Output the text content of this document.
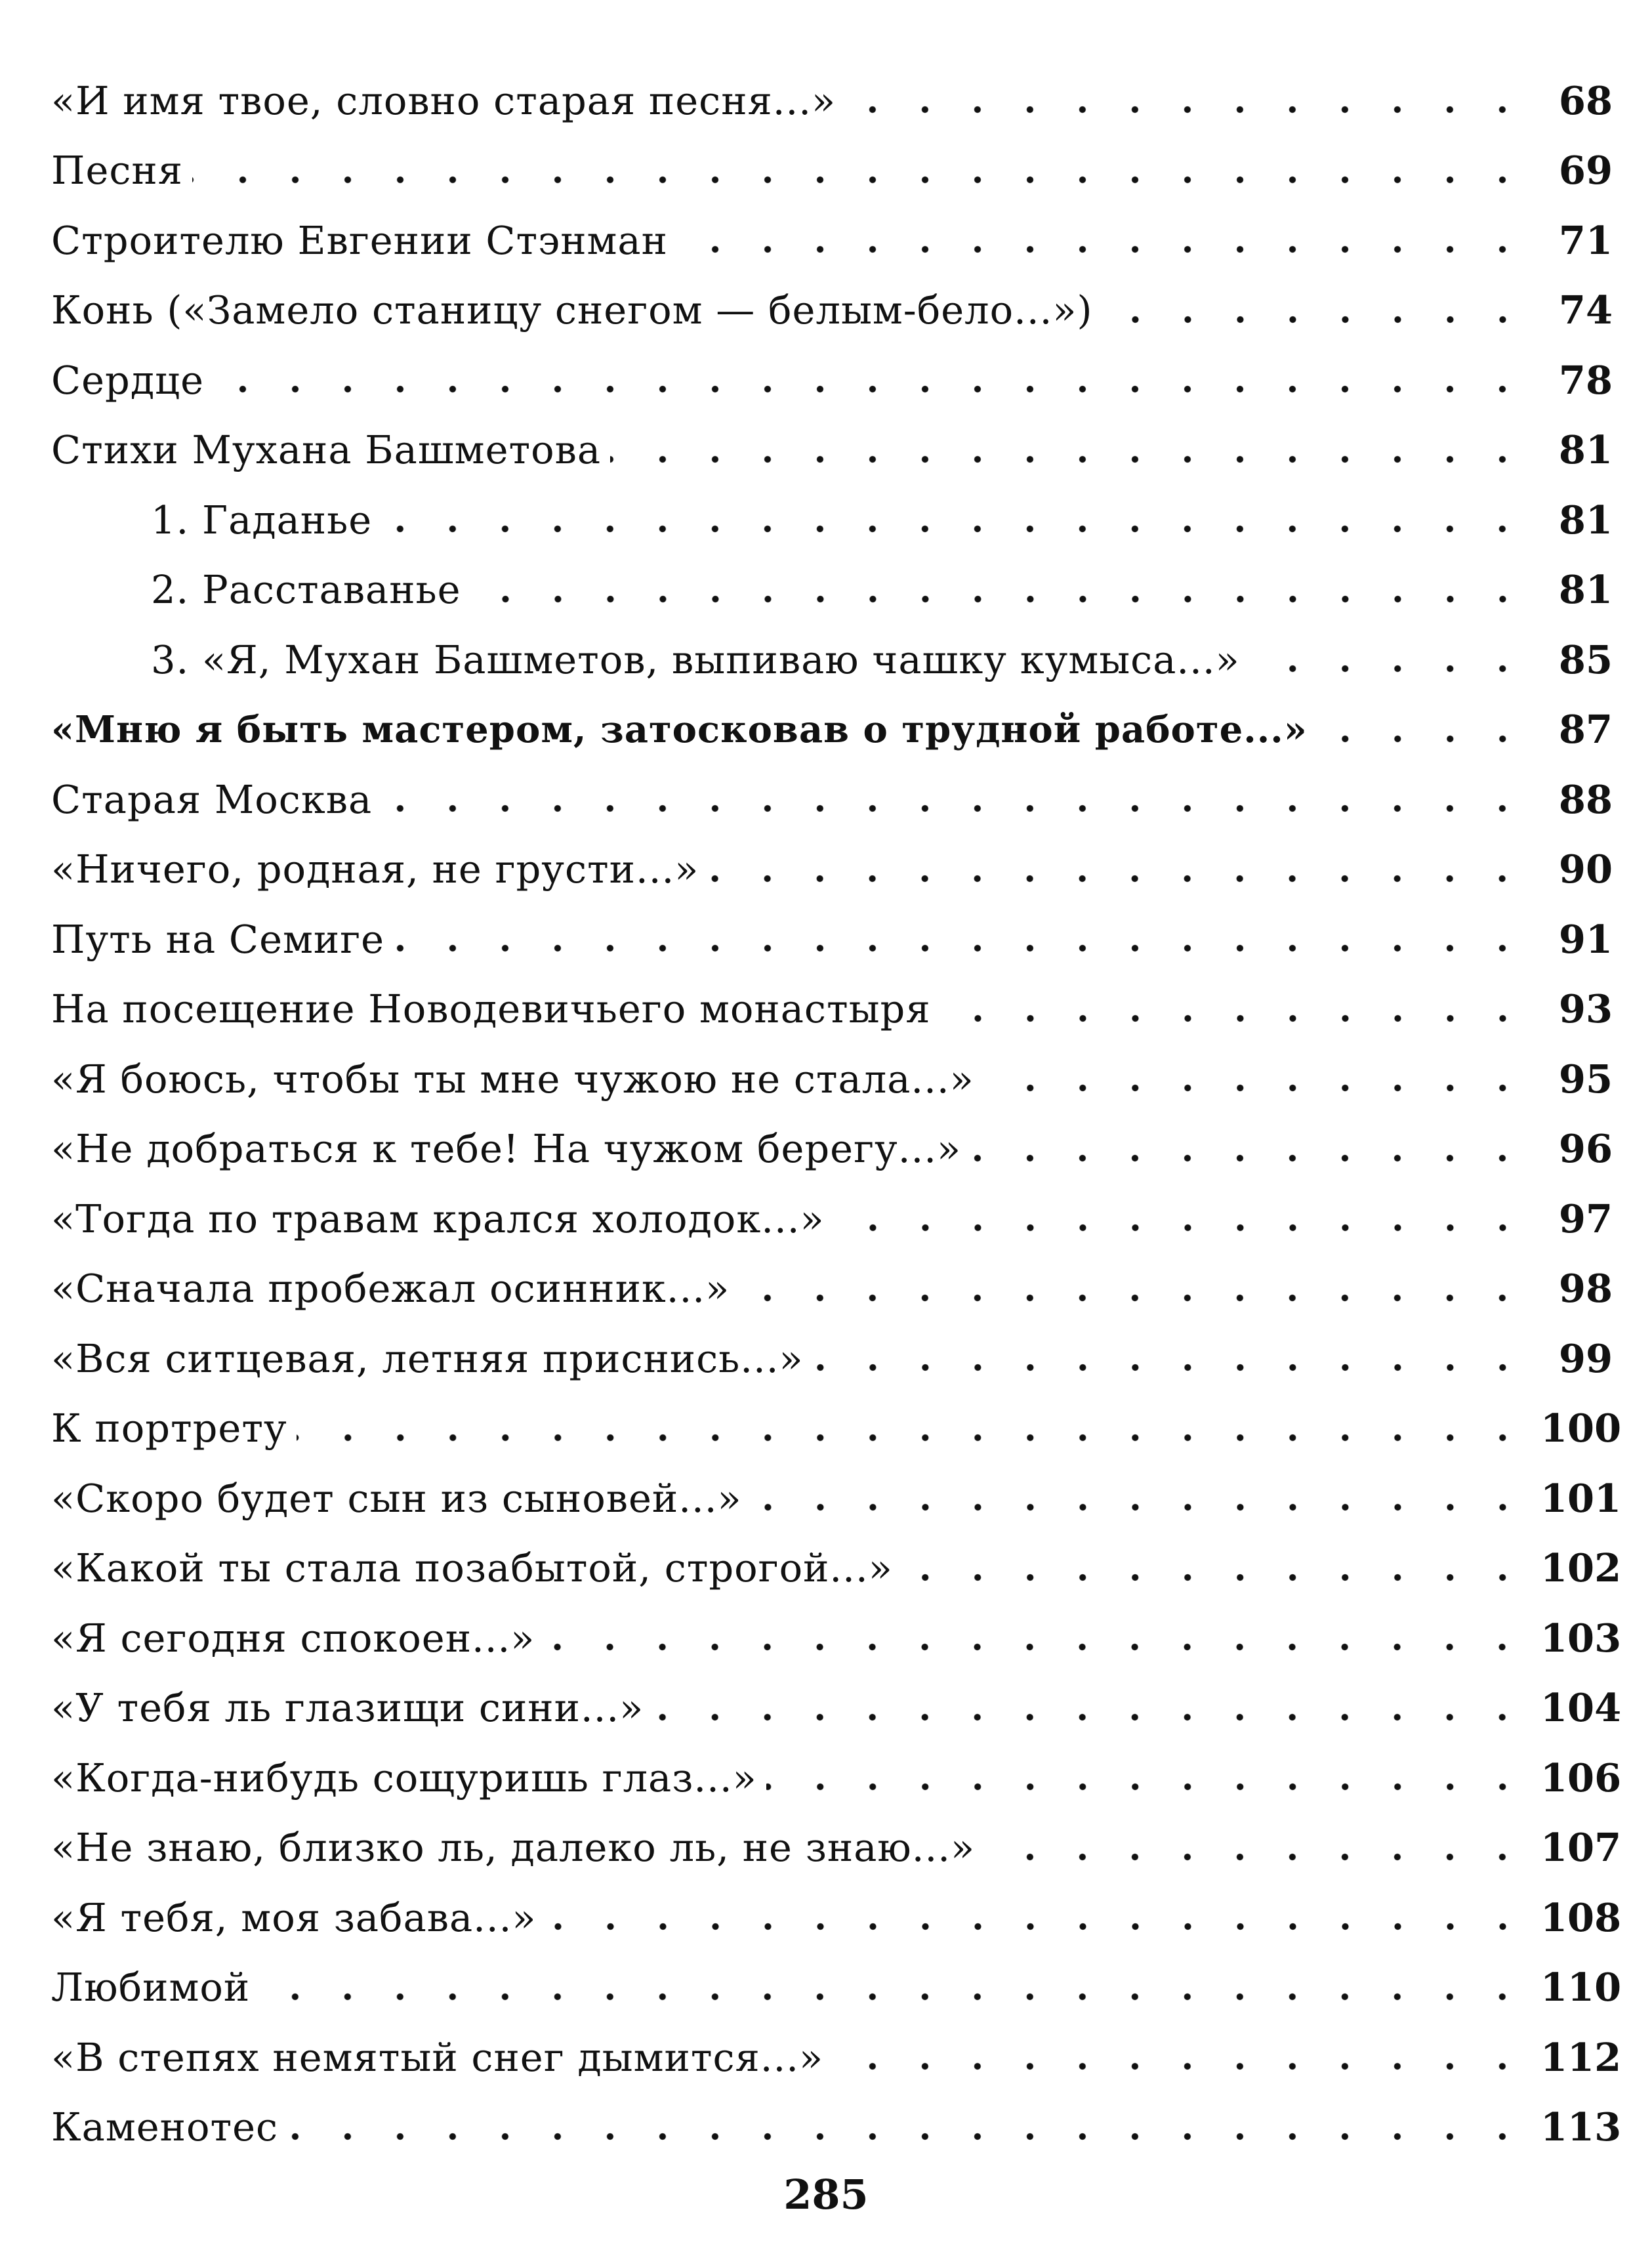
«И имя твое, словно старая песня...»	68
Песня	69
Строителю Евгении Стэнман	71
Конь («Замело станицу снегом — белым-бело...»)	74
Сердце	78
Стихи Мухана Башметова	81
1. Гаданье	81
2. Расставанье	81
3. «Я, Мухан Башметов, выпиваю чашку кумыса...»	85
«Мню я быть мастером, затосковав о трудной работе...»	87
Старая Москва	88
«Ничего, родная, не грусти...»	90
Путь на Семиге	91
На посещение Новодевичьего монастыря	93
«Я боюсь, чтобы ты мне чужою не стала...»	95
«Не добраться к тебе! На чужом берегу...»	96
«Тогда по травам крался холодок...»	97
«Сначала пробежал осинник...»	98
«Вся ситцевая, летняя приснись...»	99
К портрету	100
«Скоро будет сын из сыновей...»	101
«Какой ты стала позабытой, строгой...»	102
«Я сегодня спокоен...»	103
«У тебя ль глазищи сини...»	104
«Когда-нибудь сощуришь глаз...»	106
«Не знаю, близко ль, далеко ль, не знаю...»	107
«Я тебя, моя забава...»	108
Любимой	110
«В степях немятый снег дымится...»	112
Каменотес	113
285
